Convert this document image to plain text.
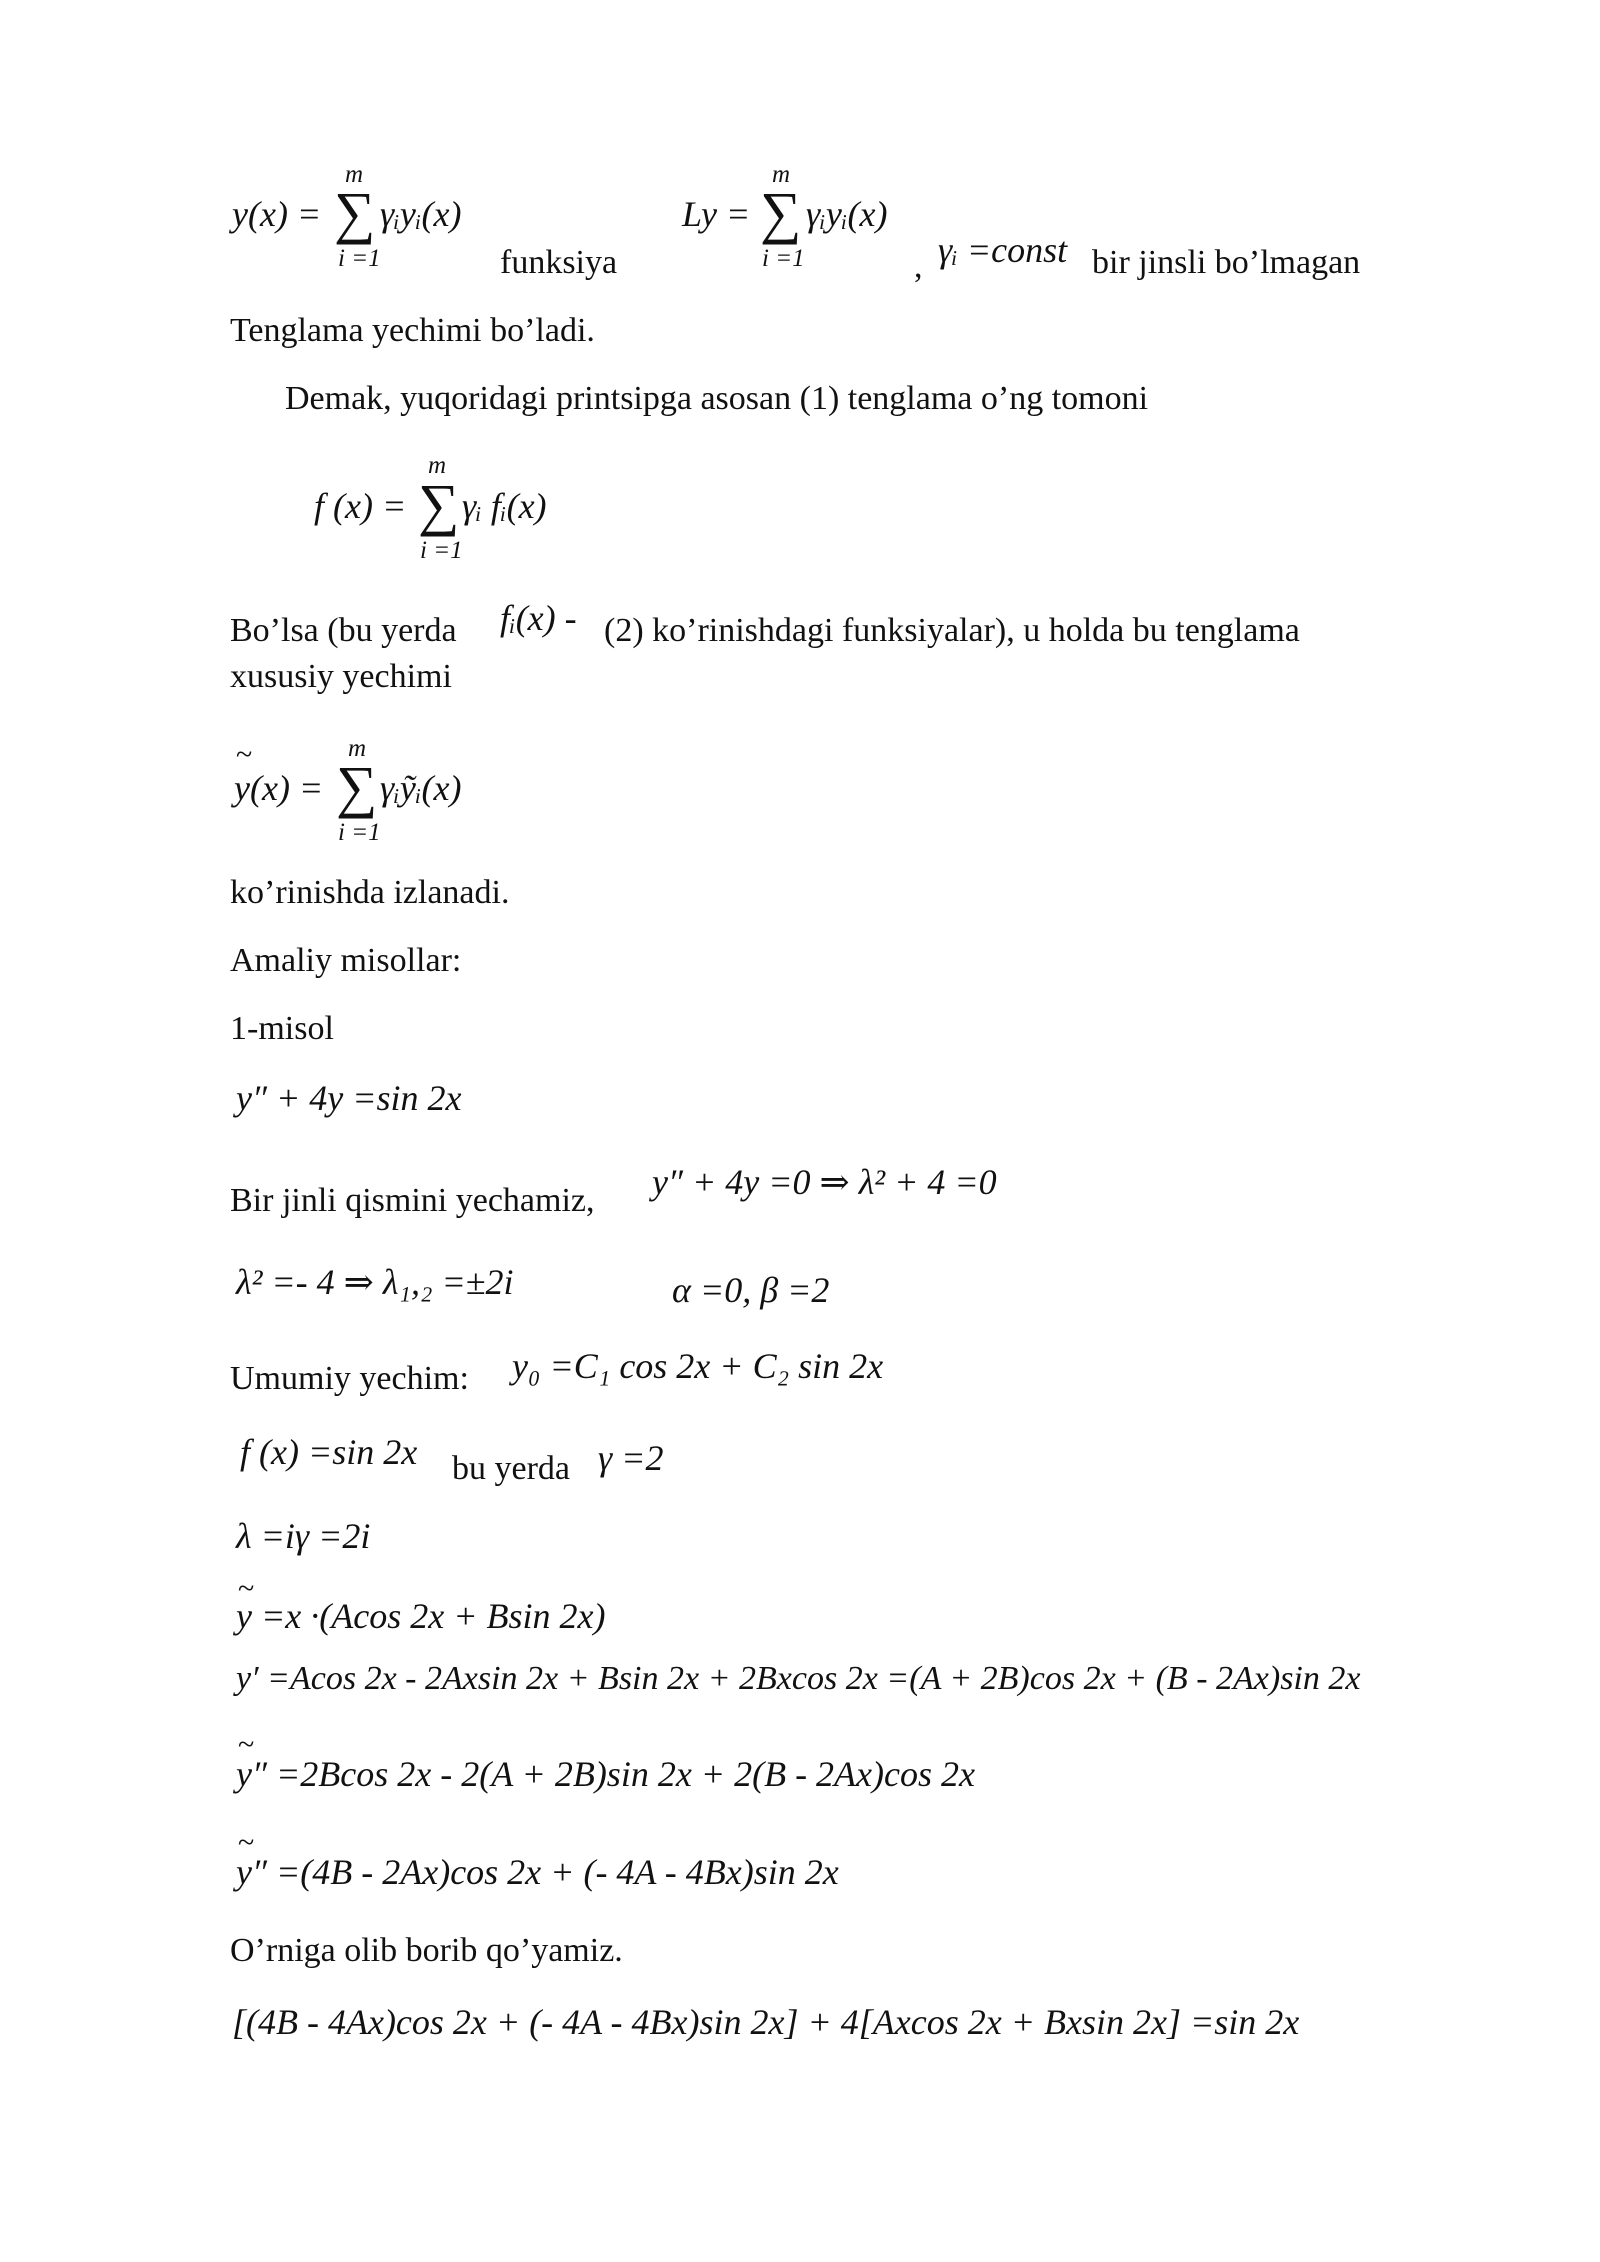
m
∑
i =1
y(x) = γᵢyᵢ(x)
funksiya
m
∑
i =1
Ly = γᵢyᵢ(x)
, γᵢ =const bir jinsli bo’lmagan
Tenglama yechimi bo’ladi.
Demak, yuqoridagi printsipga asosan (1) tenglama o’ng tomoni
m
∑
i =1
f (x) = γᵢ fᵢ(x)
Bo’lsa (bu yerda fᵢ(x) - (2) ko’rinishdagi funksiyalar), u holda bu tenglama
xususiy yechimi
~	m
∑
i =1
y(x) = γᵢỹᵢ(x)
ko’rinishda izlanadi.
Amaliy misollar:
1-misol
y″ + 4y =sin 2x
Bir jinli qismini yechamiz, y″ + 4y =0 ⇒ λ² + 4 =0
λ² =- 4 ⇒ λ₁,₂ =±2i	α =0, β =2
Umumiy yechim: y₀ =C₁ cos 2x + C₂ sin 2x
f (x) =sin 2x bu yerda γ =2
λ =iγ =2i
~
y =x ·(Acos 2x + Bsin 2x)
y′ =Acos 2x - 2Axsin 2x + Bsin 2x + 2Bxcos 2x =(A + 2B)cos 2x + (B - 2Ax)sin 2x
~
y″ =2Bcos 2x - 2(A + 2B)sin 2x + 2(B - 2Ax)cos 2x
~
y″ =(4B - 2Ax)cos 2x + (- 4A - 4Bx)sin 2x
O’rniga olib borib qo’yamiz.
[(4B - 4Ax)cos 2x + (- 4A - 4Bx)sin 2x] + 4[Axcos 2x + Bxsin 2x] =sin 2x
